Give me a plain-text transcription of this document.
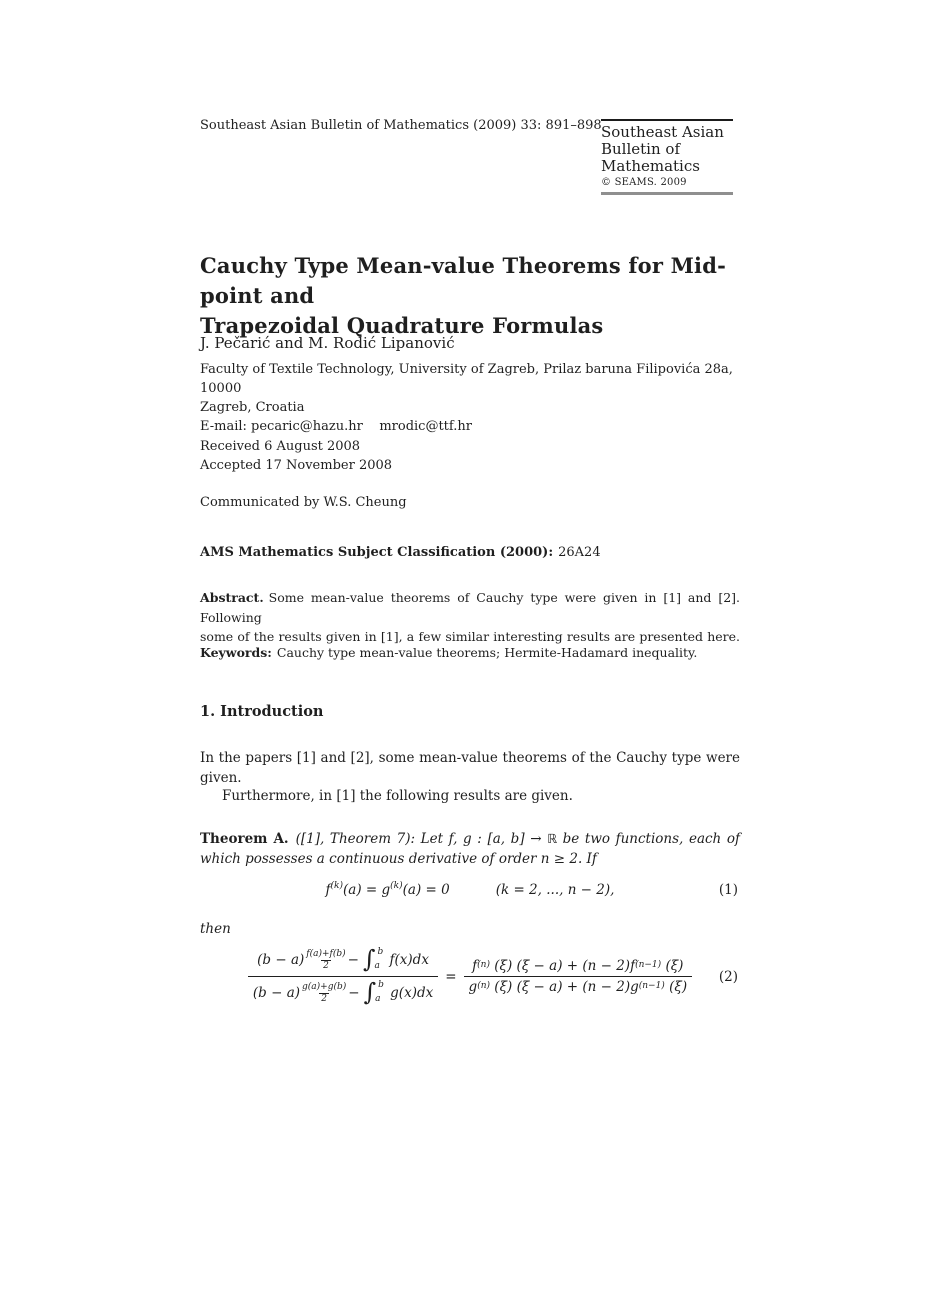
Southeast Asian Bulletin of Mathematics (2009) 33: 891–898 Southeast Asian
Bulletin of
Mathematics
© SEAMS. 2009
Cauchy Type Mean-value Theorems for Mid-point and
Trapezoidal Quadrature Formulas
J. Pečarić and M. Rodić Lipanović
Faculty of Textile Technology, University of Zagreb, Prilaz baruna Filipovića 28a, 10000
Zagreb, Croatia
E-mail: pecaric@hazu.hr    mrodic@ttf.hr
Received 6 August 2008
Accepted 17 November 2008
Communicated by W.S. Cheung
AMS Mathematics Subject Classification (2000): 26A24
Abstract. Some mean-value theorems of Cauchy type were given in [1] and [2]. Following
some of the results given in [1], a few similar interesting results are presented here.
Keywords: Cauchy type mean-value theorems; Hermite-Hadamard inequality.
1. Introduction
In the papers [1] and [2], some mean-value theorems of the Cauchy type were
given.
Furthermore, in [1] the following results are given.
Theorem A. ([1], Theorem 7): Let f, g : [a, b] → ℝ be two functions, each of
which possesses a continuous derivative of order n ≥ 2. If
$f^{(k)}(a) = g^{(k)}(a) = 0$	(k = 2, ..., n − 2),	(1)
then
$(b - a) \frac{f(a)+f(b)}{2}$ − ∫ b
a f(x)dx
$(b - a) \frac{g(a)+g(b)}{2}$ − ∫ b
a $g(x)dx = \frac{f^{(n)} (\xi) (\xi - a) + (n - 2)f^{(n-1)} (\xi)}{g^{(n)} (\xi) (\xi - a) + (n - 2)g^{(n-1)} (\xi)} (2)$
